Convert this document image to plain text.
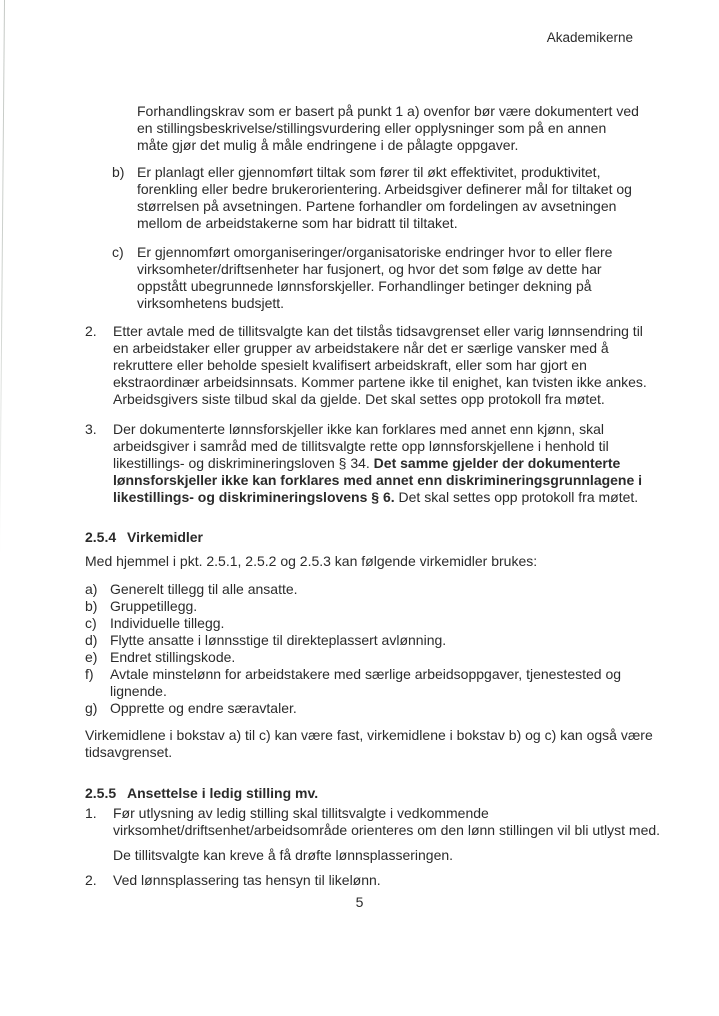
Akademikerne
Forhandlingskrav som er basert på punkt 1 a) ovenfor bør være dokumentert ved
en stillingsbeskrivelse/stillingsvurdering eller opplysninger som på en annen
måte gjør det mulig å måle endringene i de pålagte oppgaver.
b) Er planlagt eller gjennomført tiltak som fører til økt effektivitet, produktivitet,
forenkling eller bedre brukerorientering. Arbeidsgiver definerer mål for tiltaket og
størrelsen på avsetningen. Partene forhandler om fordelingen av avsetningen
mellom de arbeidstakerne som har bidratt til tiltaket.
c) Er gjennomført omorganiseringer/organisatoriske endringer hvor to eller flere
virksomheter/driftsenheter har fusjonert, og hvor det som følge av dette har
oppstått ubegrunnede lønnsforskjeller. Forhandlinger betinger dekning på
virksomhetens budsjett.
2.	Etter avtale med de tillitsvalgte kan det tilstås tidsavgrenset eller varig lønnsendring til
en arbeidstaker eller grupper av arbeidstakere når det er særlige vansker med å
rekruttere eller beholde spesielt kvalifisert arbeidskraft, eller som har gjort en
ekstraordinær arbeidsinnsats. Kommer partene ikke til enighet, kan tvisten ikke ankes.
Arbeidsgivers siste tilbud skal da gjelde. Det skal settes opp protokoll fra møtet.
3.	Der dokumenterte lønnsforskjeller ikke kan forklares med annet enn kjønn, skal
arbeidsgiver i samråd med de tillitsvalgte rette opp lønnsforskjellene i henhold til
likestillings- og diskrimineringsloven § 34. Det samme gjelder der dokumenterte
lønnsforskjeller ikke kan forklares med annet enn diskrimineringsgrunnlagene i
likestillings- og diskrimineringslovens § 6. Det skal settes opp protokoll fra møtet.
2.5.4 Virkemidler
Med hjemmel i pkt. 2.5.1, 2.5.2 og 2.5.3 kan følgende virkemidler brukes:
a) Generelt tillegg til alle ansatte.
b) Gruppetillegg.
c) Individuelle tillegg.
d) Flytte ansatte i lønnsstige til direkteplassert avlønning.
e) Endret stillingskode.
f)	Avtale minstelønn for arbeidstakere med særlige arbeidsoppgaver, tjenestested og
lignende.
g) Opprette og endre særavtaler.
Virkemidlene i bokstav a) til c) kan være fast, virkemidlene i bokstav b) og c) kan også være
tidsavgrenset.
2.5.5 Ansettelse i ledig stilling mv.
1.	Før utlysning av ledig stilling skal tillitsvalgte i vedkommende
virksomhet/driftsenhet/arbeidsområde orienteres om den lønn stillingen vil bli utlyst med.
De tillitsvalgte kan kreve å få drøfte lønnsplasseringen.
2.	Ved lønnsplassering tas hensyn til likelønn.
5
